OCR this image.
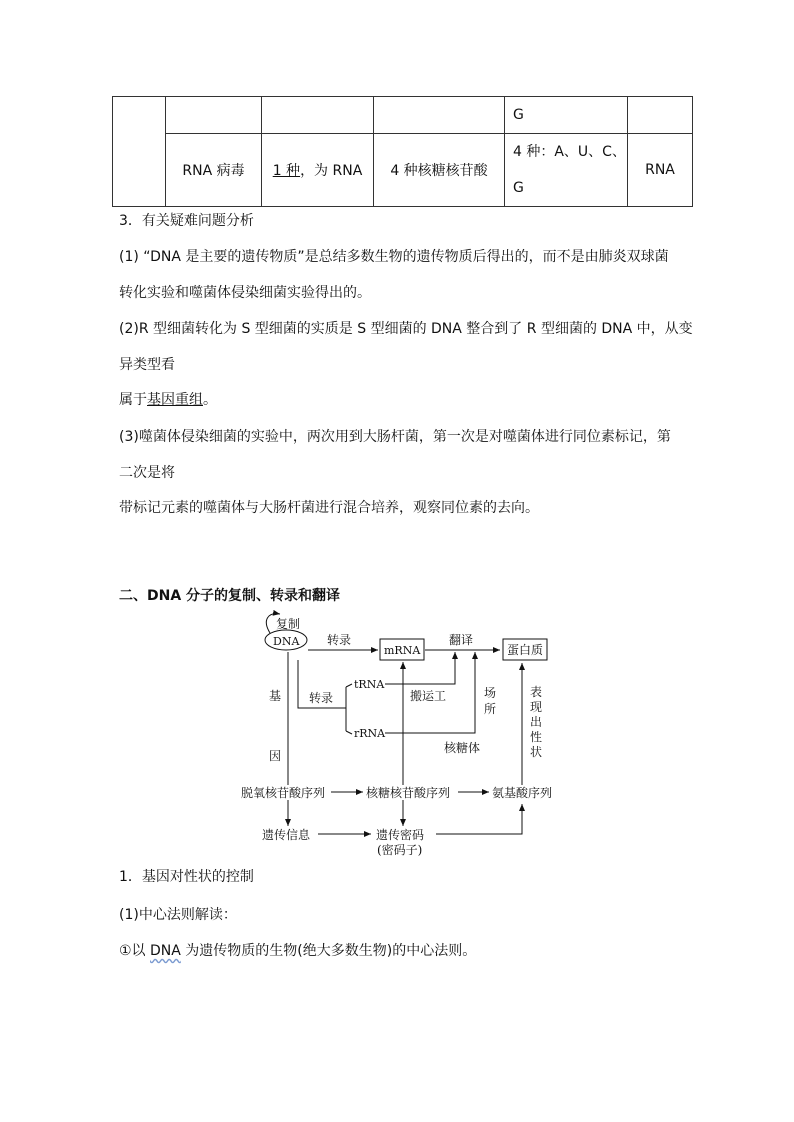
				G	
	RNA 病毒	1 种，为 RNA	4 种核糖核苷酸	4 种：A、U、C、
G	RNA
3．有关疑难问题分析
(1) “DNA 是主要的遗传物质”是总结多数生物的遗传物质后得出的，而不是由肺炎双球菌
转化实验和噬菌体侵染细菌实验得出的。
(2)R 型细菌转化为 S 型细菌的实质是 S 型细菌的 DNA 整合到了 R 型细菌的 DNA 中，从变
异类型看
属于基因重组。
(3)噬菌体侵染细菌的实验中，两次用到大肠杆菌，第一次是对噬菌体进行同位素标记，第
二次是将
带标记元素的噬菌体与大肠杆菌进行混合培养，观察同位素的去向。
二、DNA 分子的复制、转录和翻译
复制
DNA 转录
mRNA
翻译
蛋白质
基
因
转录
tRNA
搬运工
rRNA
场
所
核糖体
表
现
出
性
状
脱氧核苷酸序列	核糖核苷酸序列	氨基酸序列
遗传信息	遗传密码
(密码子)
1．基因对性状的控制
(1)中心法则解读：
①以 DNA 为遗传物质的生物(绝大多数生物)的中心法则。
